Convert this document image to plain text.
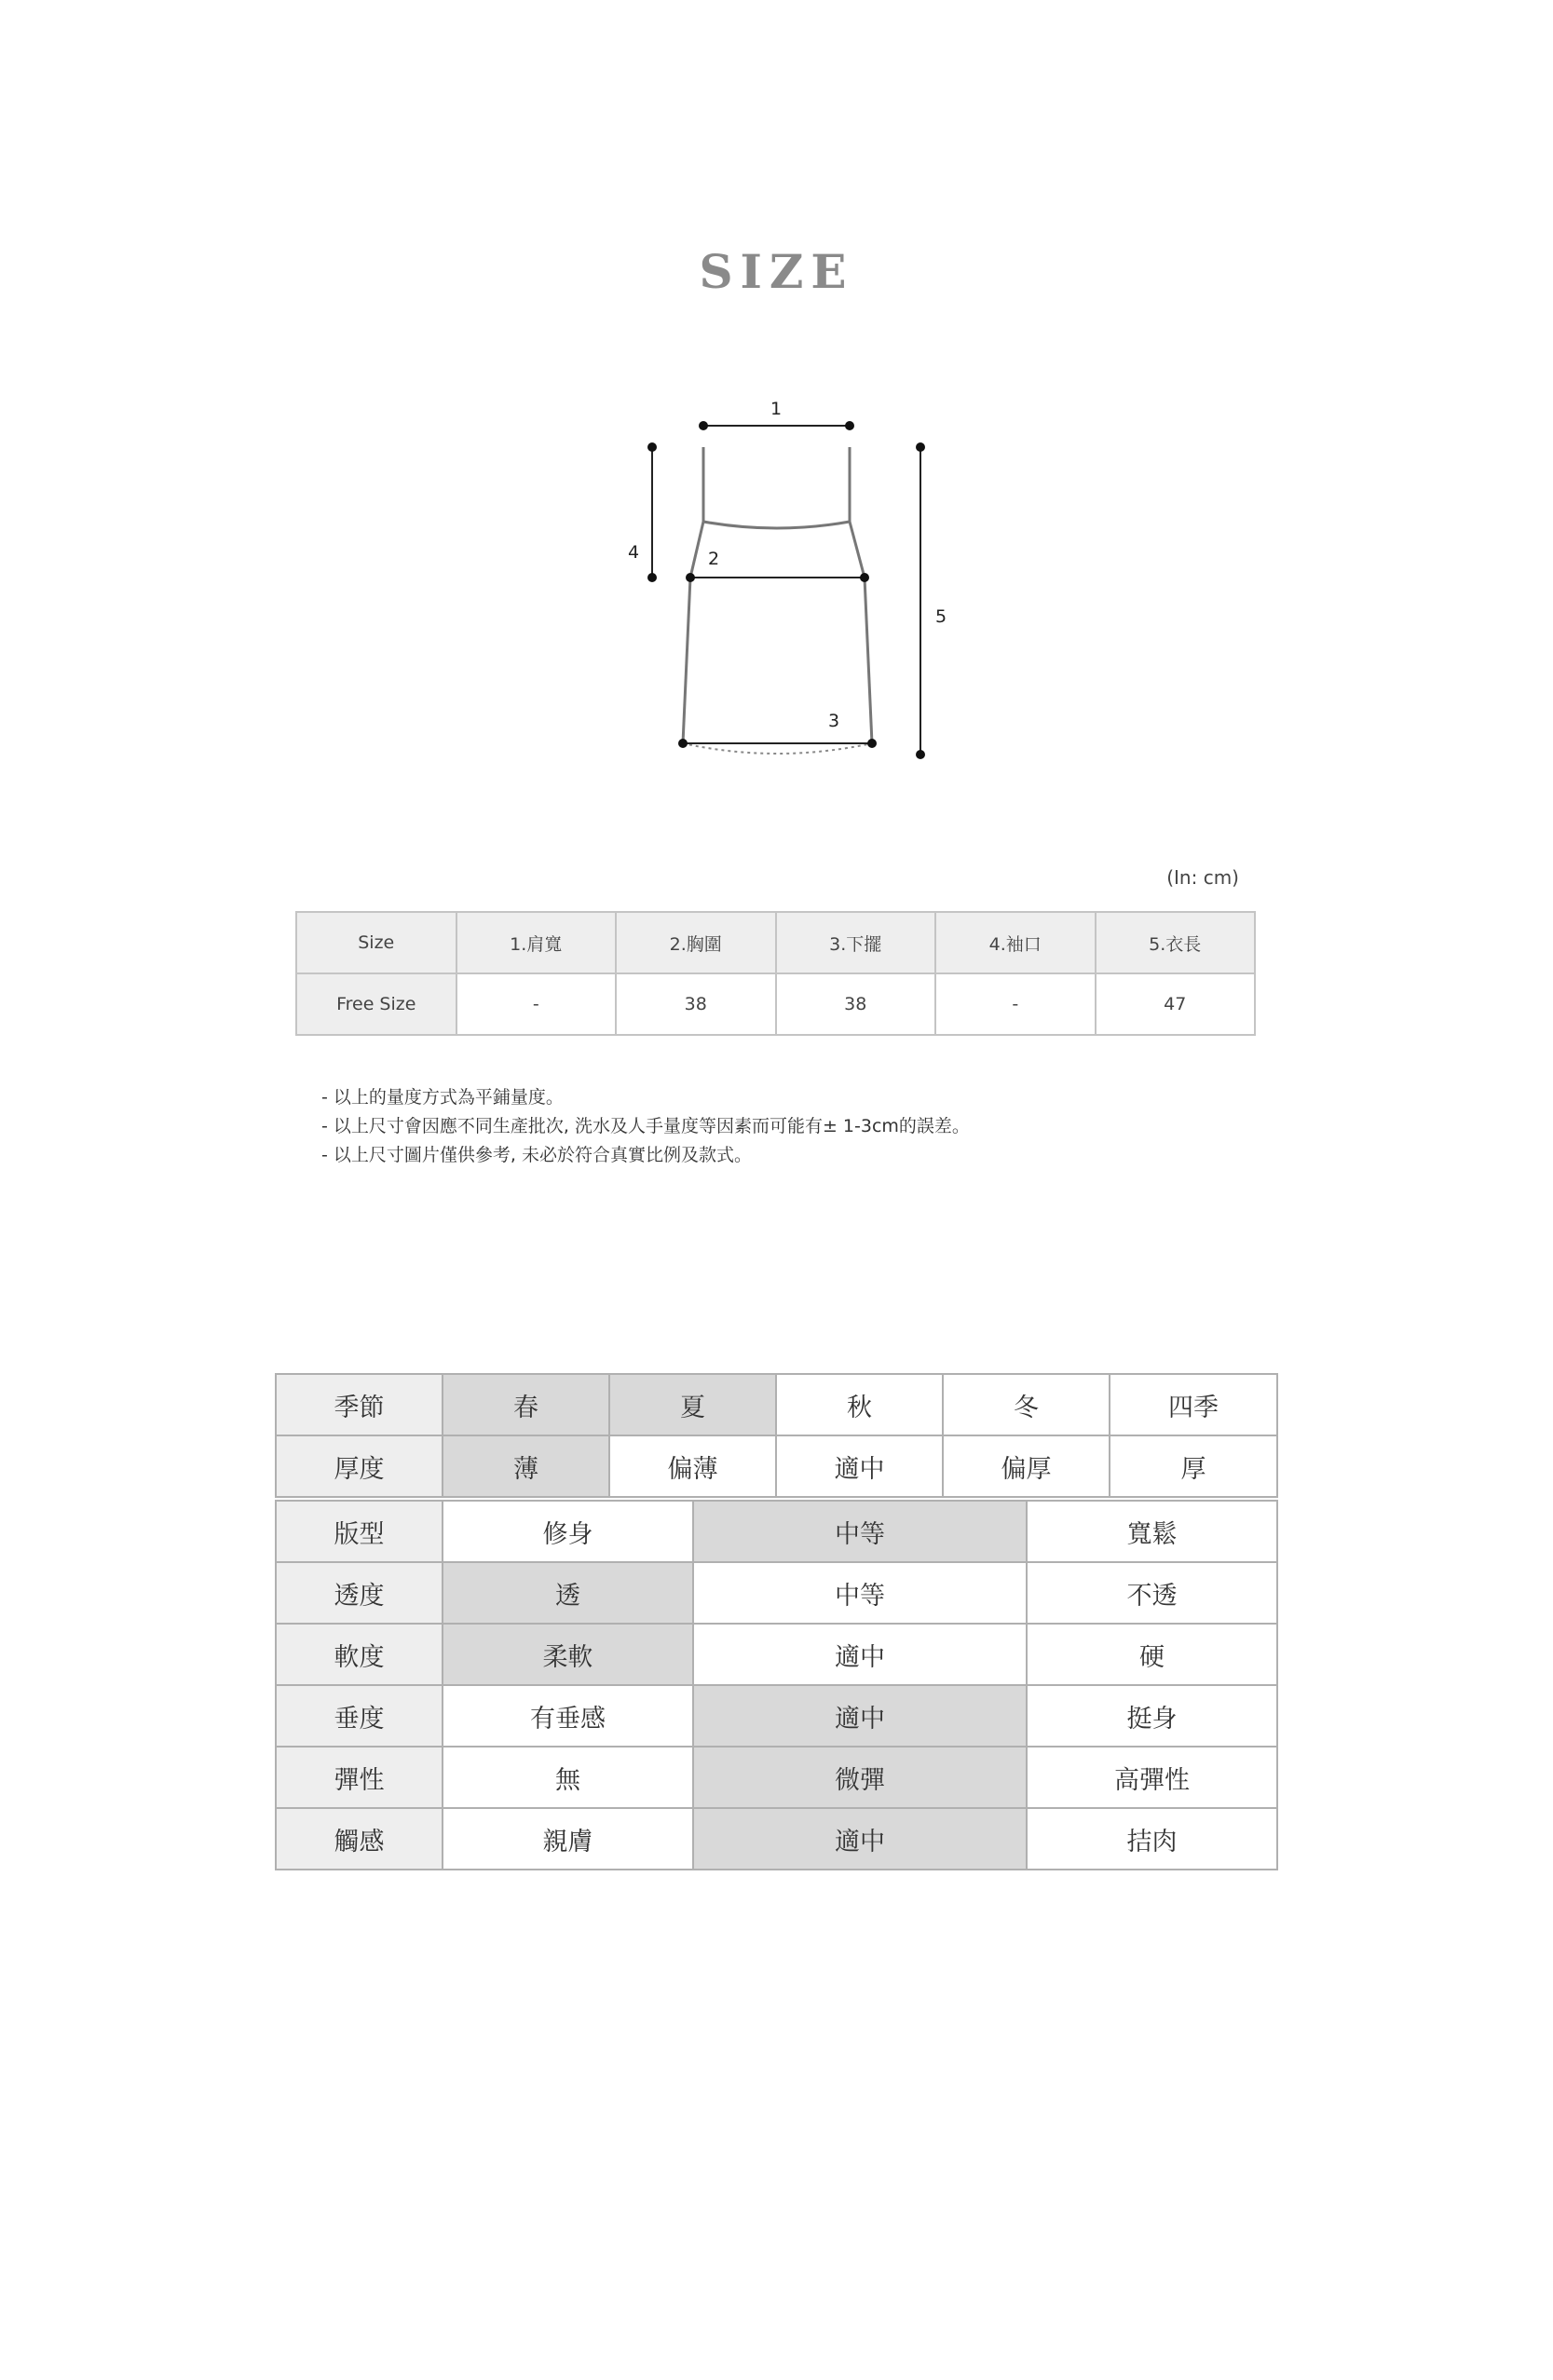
SIZE
1
2
3
4
5
(In: cm)
Size	1.肩寬	2.胸圍	3.下擺	4.袖口	5.衣長
Free Size	-	38	38	-	47
- 以上的量度方式為平鋪量度。
- 以上尺寸會因應不同生產批次, 洗水及人手量度等因素而可能有± 1-3cm的誤差。
- 以上尺寸圖片僅供參考, 未必於符合真實比例及款式。
季節	春	夏	秋	冬	四季
厚度	薄	偏薄	適中	偏厚	厚
版型	修身	中等	寬鬆
透度	透	中等	不透
軟度	柔軟	適中	硬
垂度	有垂感	適中	挺身
彈性	無	微彈	高彈性
觸感	親膚	適中	拮肉
